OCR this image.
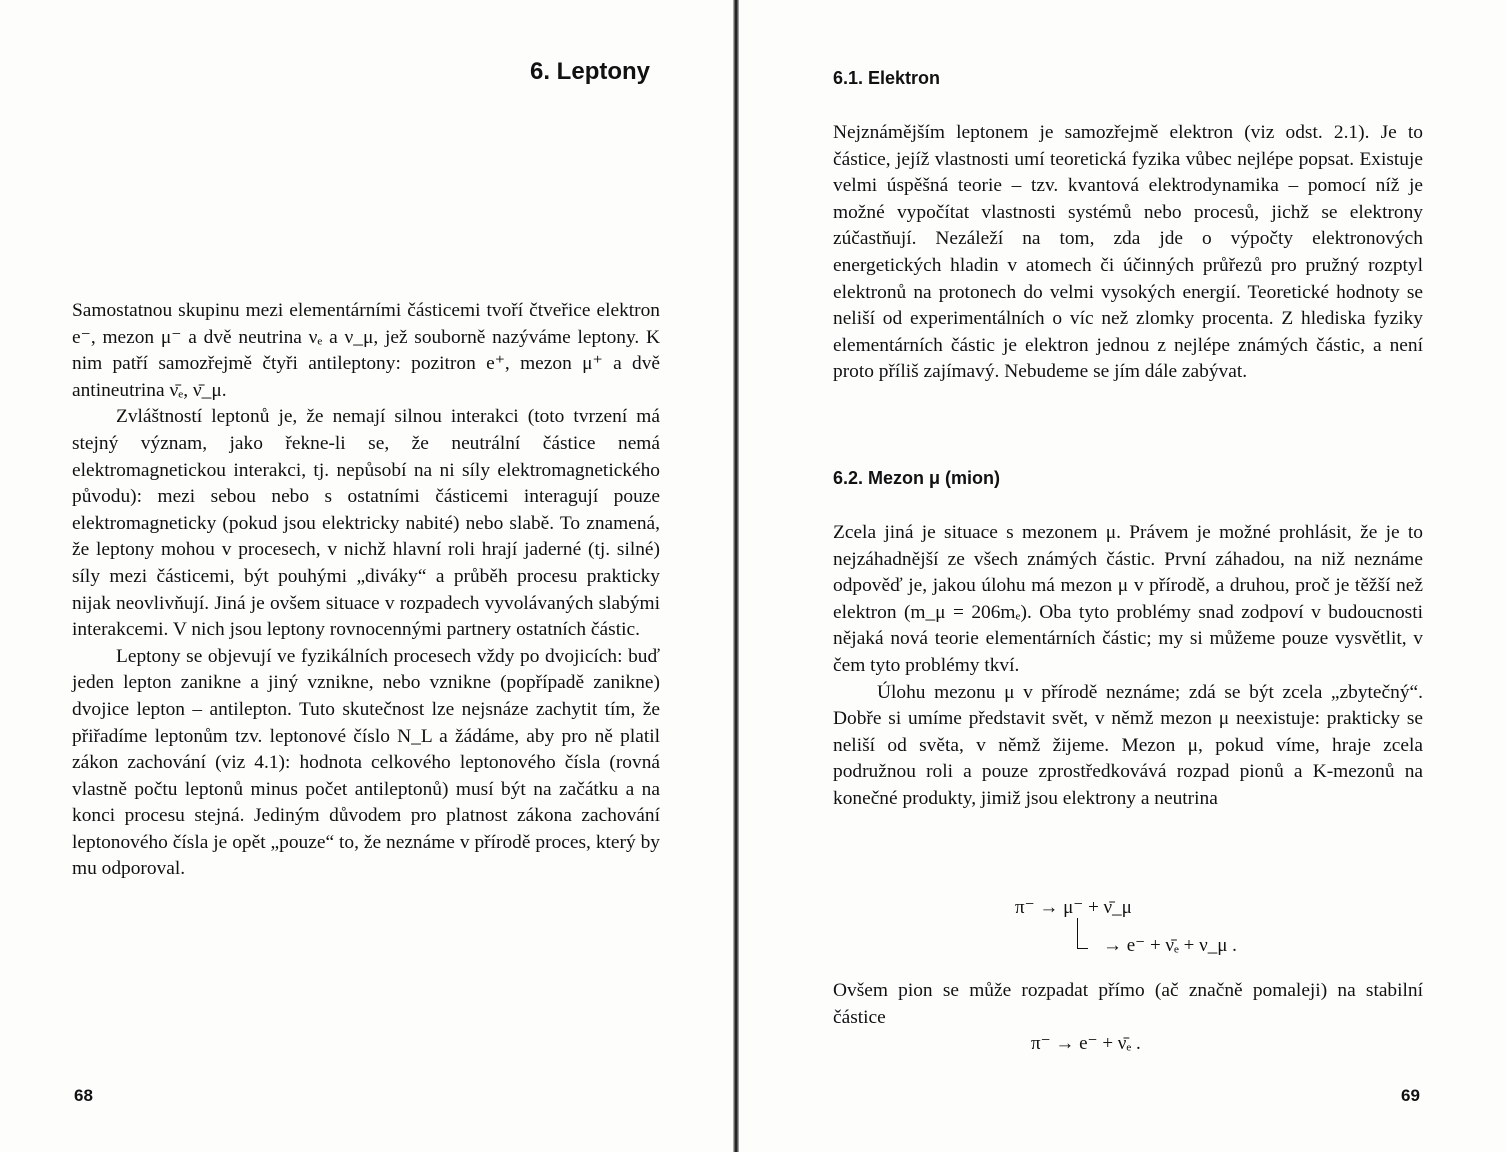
6. Leptony

Samostatnou skupinu mezi elementárními částicemi tvoří čtveřice elektron e⁻, mezon μ⁻ a dvě neutrina νₑ a ν_μ, jež souborně nazýváme leptony. K nim patří samozřejmě čtyři antileptony: pozitron e⁺, mezon μ⁺ a dvě antineutrina ν̄ₑ, ν̄_μ.

Zvláštností leptonů je, že nemají silnou interakci (toto tvrzení má stejný význam, jako řekne-li se, že neutrální částice nemá elektromagnetickou interakci, tj. nepůsobí na ni síly elektromagnetického původu): mezi sebou nebo s ostatními částicemi interagují pouze elektromagneticky (pokud jsou elektricky nabité) nebo slabě. To znamená, že leptony mohou v procesech, v nichž hlavní roli hrají jaderné (tj. silné) síly mezi částicemi, být pouhými „diváky“ a průběh procesu prakticky nijak neovlivňují. Jiná je ovšem situace v rozpadech vyvolávaných slabými interakcemi. V nich jsou leptony rovnocennými partnery ostatních částic.

Leptony se objevují ve fyzikálních procesech vždy po dvojicích: buď jeden lepton zanikne a jiný vznikne, nebo vznikne (popřípadě zanikne) dvojice lepton – antilepton. Tuto skutečnost lze nejsnáze zachytit tím, že přiřadíme leptonům tzv. leptonové číslo N_L a žádáme, aby pro ně platil zákon zachování (viz 4.1): hodnota celkového leptonového čísla (rovná vlastně počtu leptonů minus počet antileptonů) musí být na začátku a na konci procesu stejná. Jediným důvodem pro platnost zákona zachování leptonového čísla je opět „pouze“ to, že neznáme v přírodě proces, který by mu odporoval.

68
6.1. Elektron

Nejznámějším leptonem je samozřejmě elektron (viz odst. 2.1). Je to částice, jejíž vlastnosti umí teoretická fyzika vůbec nejlépe popsat. Existuje velmi úspěšná teorie – tzv. kvantová elektrodynamika – pomocí níž je možné vypočítat vlastnosti systémů nebo procesů, jichž se elektrony zúčastňují. Nezáleží na tom, zda jde o výpočty elektronových energetických hladin v atomech či účinných průřezů pro pružný rozptyl elektronů na protonech do velmi vysokých energií. Teoretické hodnoty se neliší od experimentálních o víc než zlomky procenta. Z hlediska fyziky elementárních částic je elektron jednou z nejlépe známých částic, a není proto příliš zajímavý. Nebudeme se jím dále zabývat.

6.2. Mezon μ (mion)

Zcela jiná je situace s mezonem μ. Právem je možné prohlásit, že je to nejzáhadnější ze všech známých částic. První záhadou, na niž neznáme odpověď je, jakou úlohu má mezon μ v přírodě, a druhou, proč je těžší než elektron (m_μ = 206mₑ). Oba tyto problémy snad zodpoví v budoucnosti nějaká nová teorie elementárních částic; my si můžeme pouze vysvětlit, v čem tyto problémy tkví.

Úlohu mezonu μ v přírodě neznáme; zdá se být zcela „zbytečný“. Dobře si umíme představit svět, v němž mezon μ neexistuje: prakticky se neliší od světa, v němž žijeme. Mezon μ, pokud víme, hraje zcela podružnou roli a pouze zprostředkovává rozpad pionů a K-mezonů na konečné produkty, jimiž jsou elektrony a neutrina

π⁻ → μ⁻ + ν̄_μ
→ e⁻ + ν̄ₑ + ν_μ .

Ovšem pion se může rozpadat přímo (ač značně pomaleji) na stabilní částice

π⁻ → e⁻ + ν̄ₑ .
69
